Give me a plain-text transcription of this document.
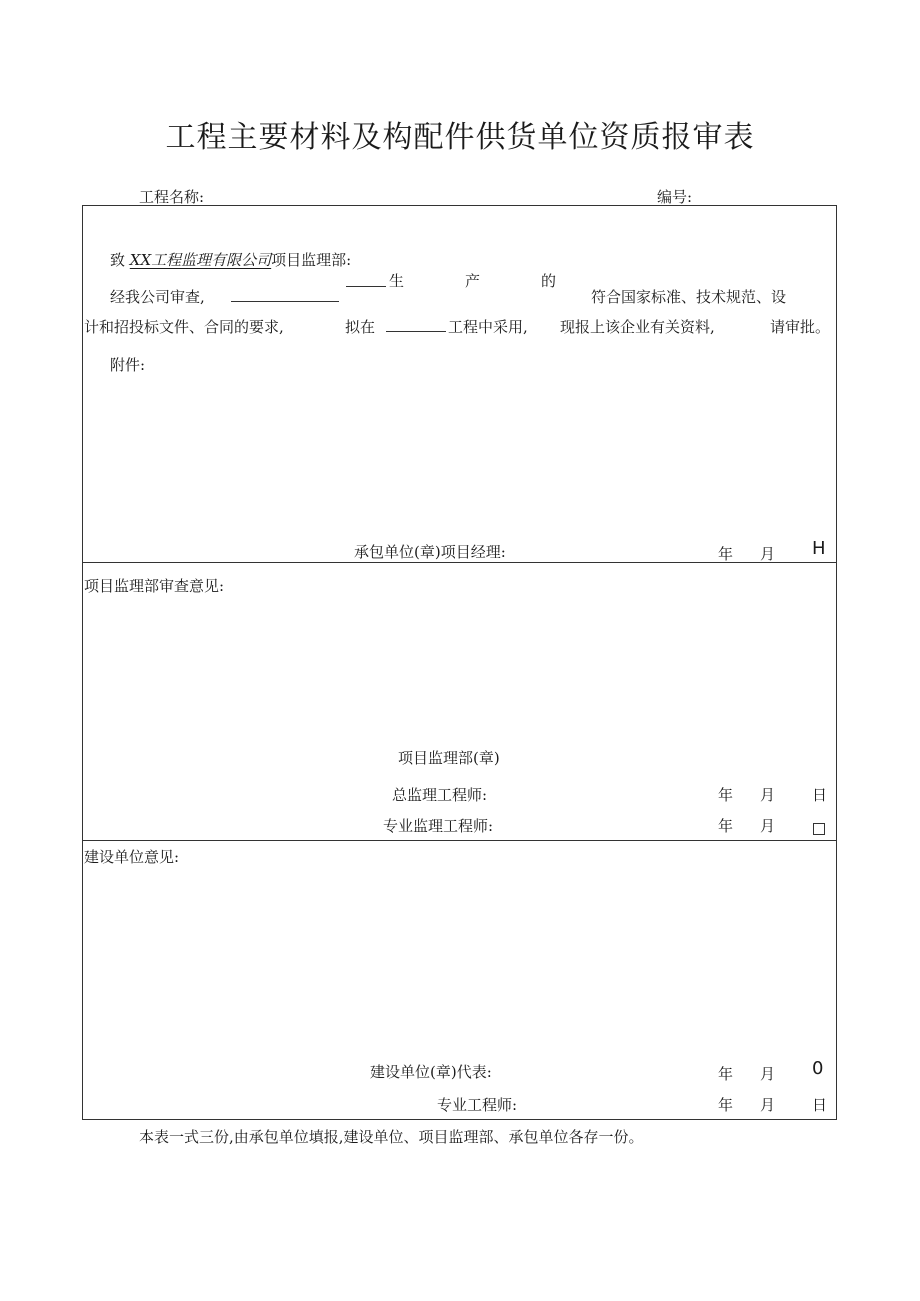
工程主要材料及构配件供货单位资质报审表
工程名称:	编号:
致 XX工程监理有限公司项目监理部:
经我公司审查,
生	产	的
符合国家标准、技术规范、设
计和招投标文件、合同的要求,	拟在	工程中采用, 现报上该企业有关资料,	请审批。
附件:
承包单位(章)项目经理:	年 月 H
项目监理部审查意见:
项目监理部(章)
总监理工程师:	年 月 日
专业监理工程师:	年 月
建设单位意见:
建设单位(章)代表:	年 月 0
专业工程师:	年 月 日
本表一式三份,由承包单位填报,建设单位、项目监理部、承包单位各存一份。
